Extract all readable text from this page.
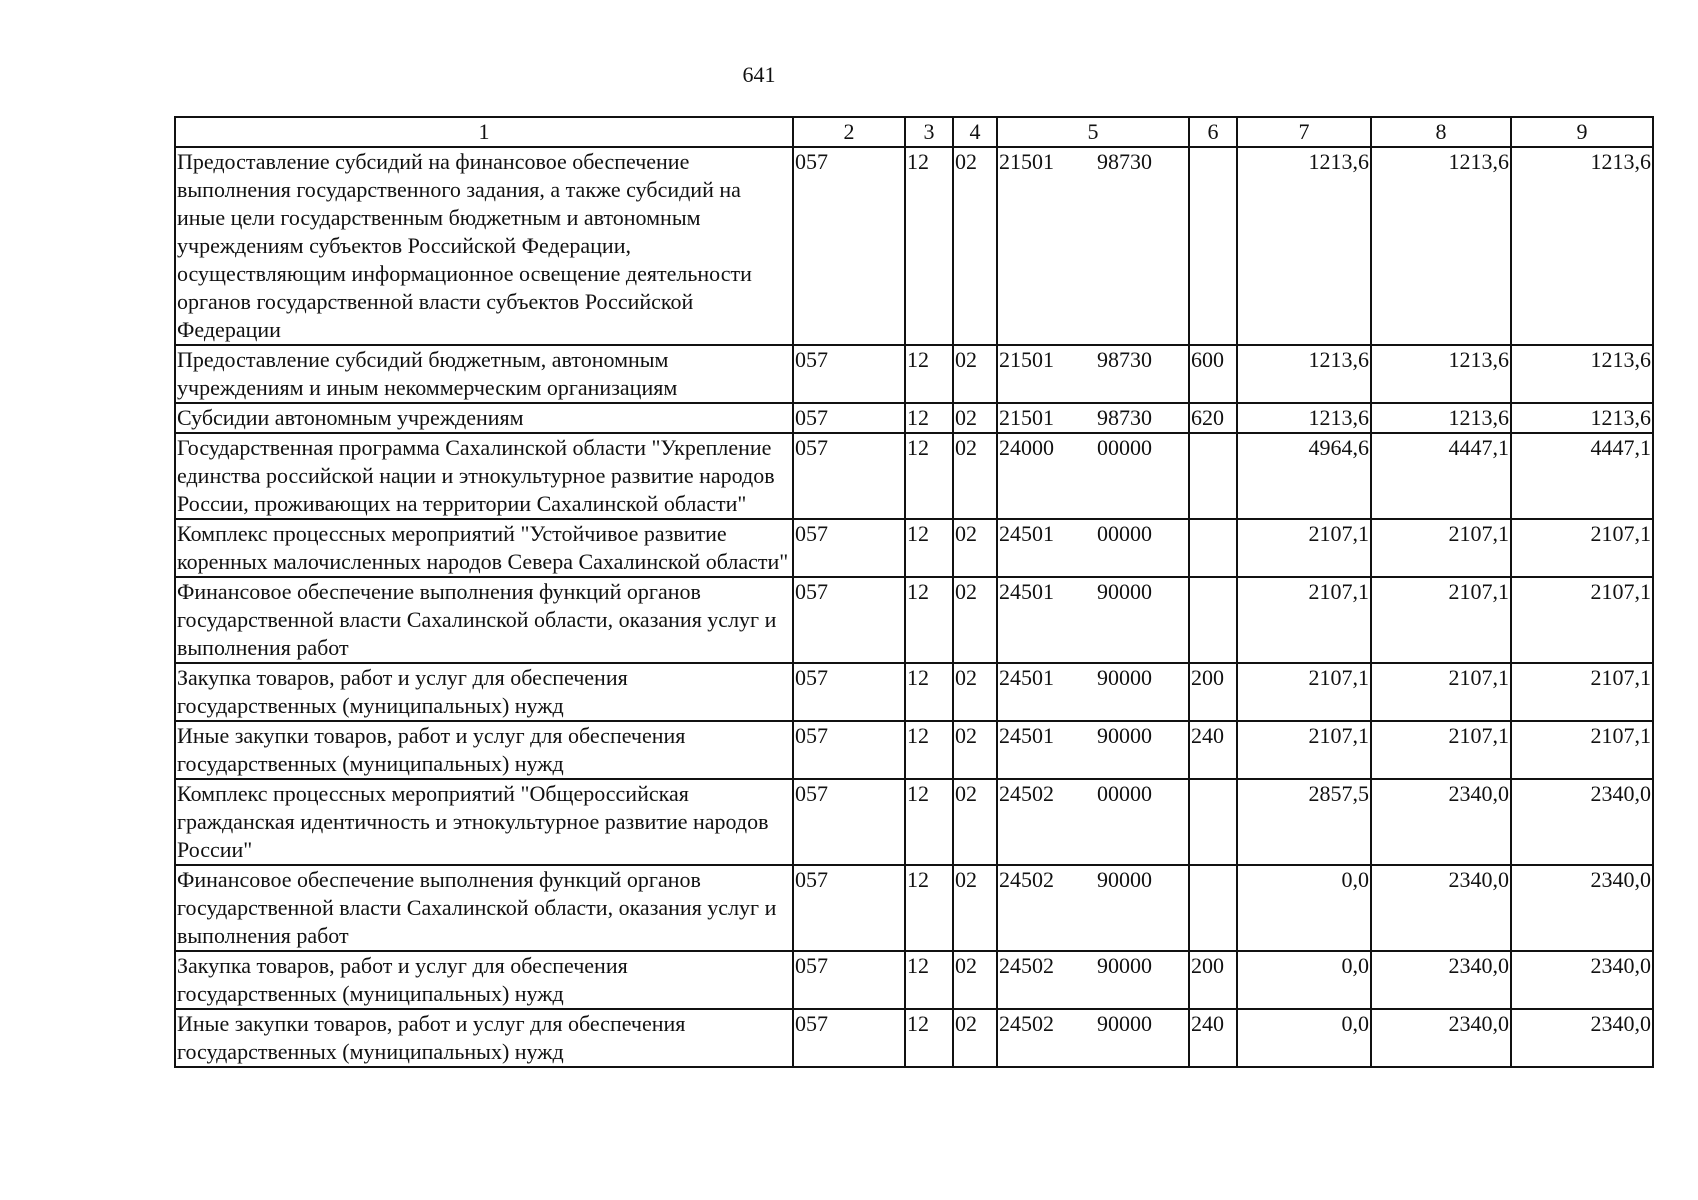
641
1	2	3	4	5	6	7	8	9
Предоставление субсидий на финансовое обеспечение выполнения государственного задания, а также субсидий на иные цели государственным бюджетным и автономным учреждениям субъектов Российской Федерации, осуществляющим информационное освещение деятельности органов государственной власти субъектов Российской Федерации	057	12	02	21501 98730		1213,6	1213,6	1213,6
Предоставление субсидий бюджетным, автономным учреждениям и иным некоммерческим организациям	057	12	02	21501 98730	600	1213,6	1213,6	1213,6
Субсидии автономным учреждениям	057	12	02	21501 98730	620	1213,6	1213,6	1213,6
Государственная программа Сахалинской области "Укрепление единства российской нации и этнокультурное развитие народов России, проживающих на территории Сахалинской области"	057	12	02	24000 00000		4964,6	4447,1	4447,1
Комплекс процессных мероприятий "Устойчивое развитие коренных малочисленных народов Севера Сахалинской области"	057	12	02	24501 00000		2107,1	2107,1	2107,1
Финансовое обеспечение выполнения функций органов государственной власти Сахалинской области, оказания услуг и выполнения работ	057	12	02	24501 90000		2107,1	2107,1	2107,1
Закупка товаров, работ и услуг для обеспечения государственных (муниципальных) нужд	057	12	02	24501 90000	200	2107,1	2107,1	2107,1
Иные закупки товаров, работ и услуг для обеспечения государственных (муниципальных) нужд	057	12	02	24501 90000	240	2107,1	2107,1	2107,1
Комплекс процессных мероприятий "Общероссийская гражданская идентичность и этнокультурное развитие народов России"	057	12	02	24502 00000		2857,5	2340,0	2340,0
Финансовое обеспечение выполнения функций органов государственной власти Сахалинской области, оказания услуг и выполнения работ	057	12	02	24502 90000		0,0	2340,0	2340,0
Закупка товаров, работ и услуг для обеспечения государственных (муниципальных) нужд	057	12	02	24502 90000	200	0,0	2340,0	2340,0
Иные закупки товаров, работ и услуг для обеспечения государственных (муниципальных) нужд	057	12	02	24502 90000	240	0,0	2340,0	2340,0
